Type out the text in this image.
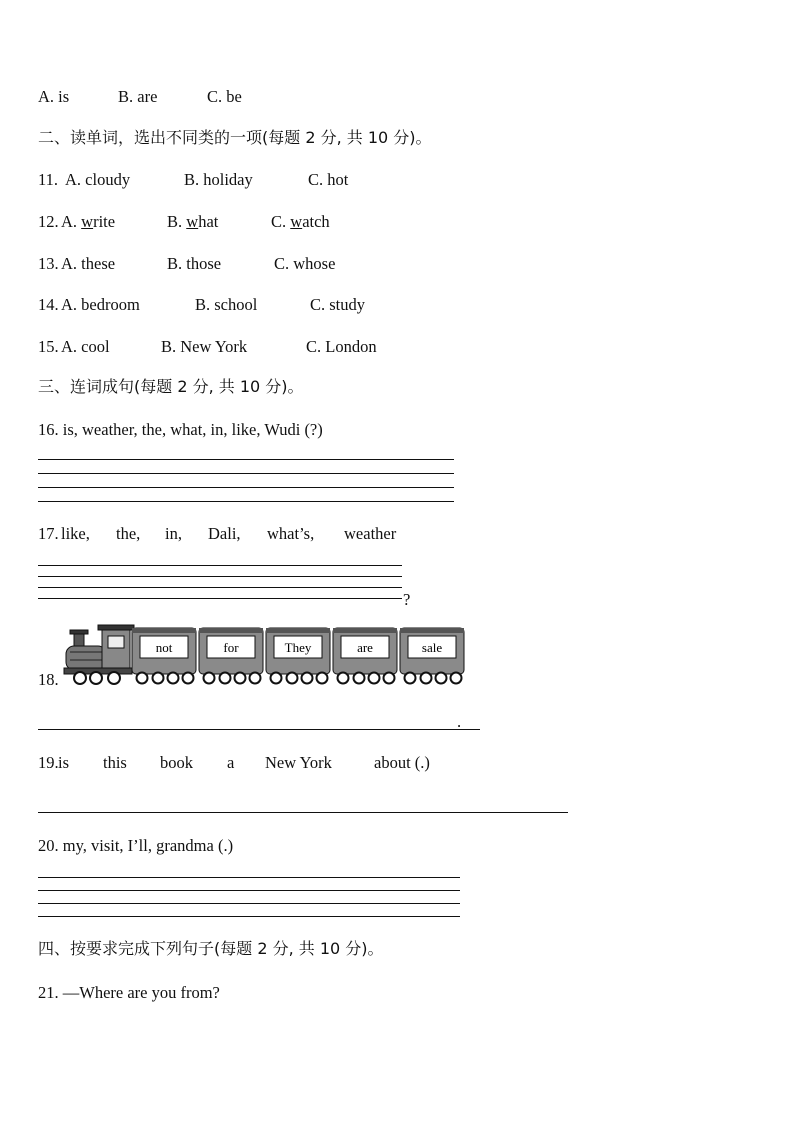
A. is

	B. are

	C. be

二、读单词，选出不同类的一项(每题 2 分, 共 10 分)。

11.

A. cloudy

	B. holiday

	C. hot

12.

A. write

	B. what

	C. watch

13.

A. these

	B. those

	C. whose

14.

A. bedroom

	B. school

	C. study

15.

A. cool

	B. New York

	C. London

三、连词成句(每题 2 分, 共 10 分)。
16. is, weather, the, what, in, like, Wudi (?)

17.

like,

the,

in,

Dali,

what’s,

weather

?
18.
not	for	They	are	sale
.

19.

is

this

book

a

New York

	about (.)

20. my, visit, I’ll, grandma (.)
四、按要求完成下列句子(每题 2 分, 共 10 分)。
21. —Where are you from?
